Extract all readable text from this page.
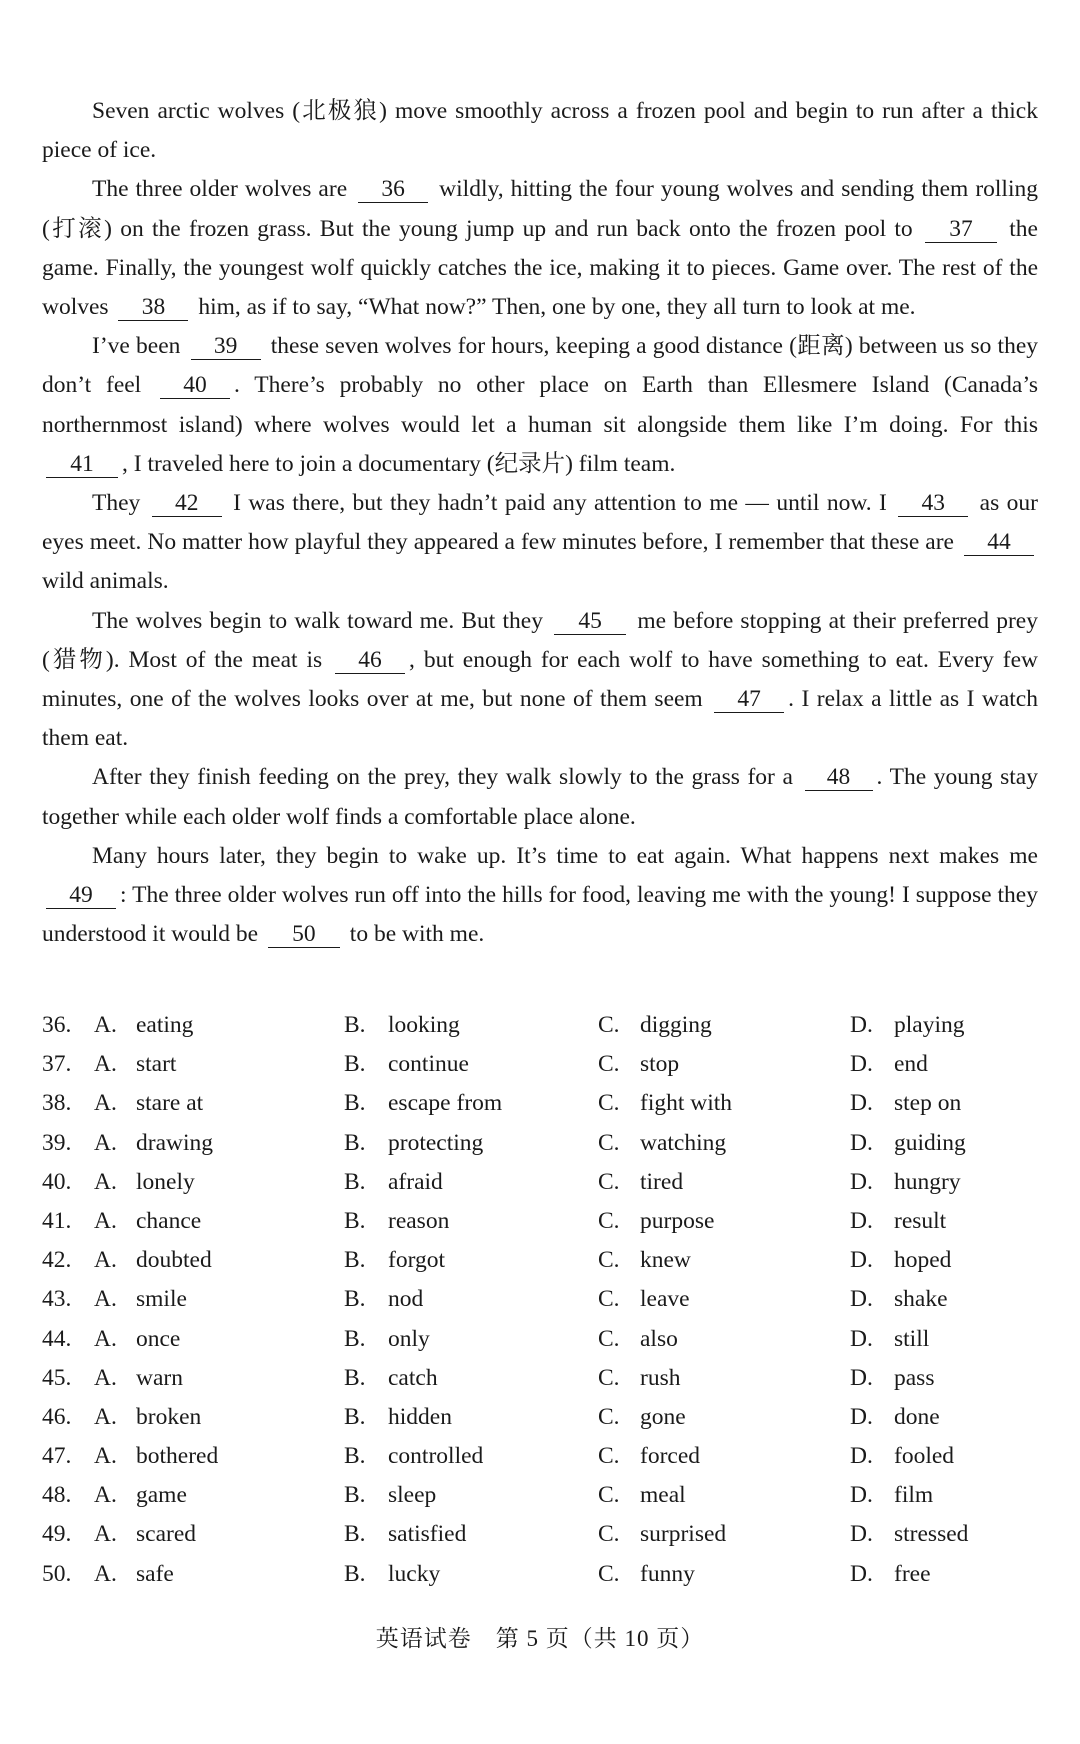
Seven arctic wolves (北极狼) move smoothly across a frozen pool and begin to run after a thick piece of ice.

The three older wolves are 36 wildly, hitting the four young wolves and sending them rolling (打滚) on the frozen grass. But the young jump up and run back onto the frozen pool to 37 the game. Finally, the youngest wolf quickly catches the ice, making it to pieces. Game over. The rest of the wolves 38 him, as if to say, “What now?” Then, one by one, they all turn to look at me.

I’ve been 39 these seven wolves for hours, keeping a good distance (距离) between us so they don’t feel 40 . There’s probably no other place on Earth than Ellesmere Island (Canada’s northernmost island) where wolves would let a human sit alongside them like I’m doing. For this 41 , I traveled here to join a documentary (纪录片) film team.

They 42 I was there, but they hadn’t paid any attention to me — until now. I 43 as our eyes meet. No matter how playful they appeared a few minutes before, I remember that these are 44 wild animals.

The wolves begin to walk toward me. But they 45 me before stopping at their preferred prey (猎物). Most of the meat is 46 , but enough for each wolf to have something to eat. Every few minutes, one of the wolves looks over at me, but none of them seem 47 . I relax a little as I watch them eat.

After they finish feeding on the prey, they walk slowly to the grass for a 48 . The young stay together while each older wolf finds a comfortable place alone.

Many hours later, they begin to wake up. It’s time to eat again. What happens next makes me 49 : The three older wolves run off into the hills for food, leaving me with the young! I suppose they understood it would be 50 to be with me.

36. A. eating	B. looking	C. digging	D. playing
37. A. start	B. continue	C. stop	D. end
38. A. stare at	B. escape from	C. fight with	D. step on
39. A. drawing	B. protecting	C. watching	D. guiding
40. A. lonely	B. afraid	C. tired	D. hungry
41. A. chance	B. reason	C. purpose	D. result
42. A. doubted	B. forgot	C. knew	D. hoped
43. A. smile	B. nod	C. leave	D. shake
44. A. once	B. only	C. also	D. still
45. A. warn	B. catch	C. rush	D. pass
46. A. broken	B. hidden	C. gone	D. done
47. A. bothered	B. controlled	C. forced	D. fooled
48. A. game	B. sleep	C. meal	D. film
49. A. scared	B. satisfied	C. surprised	D. stressed
50. A. safe	B. lucky	C. funny	D. free
英语试卷　第 5 页（共 10 页）
